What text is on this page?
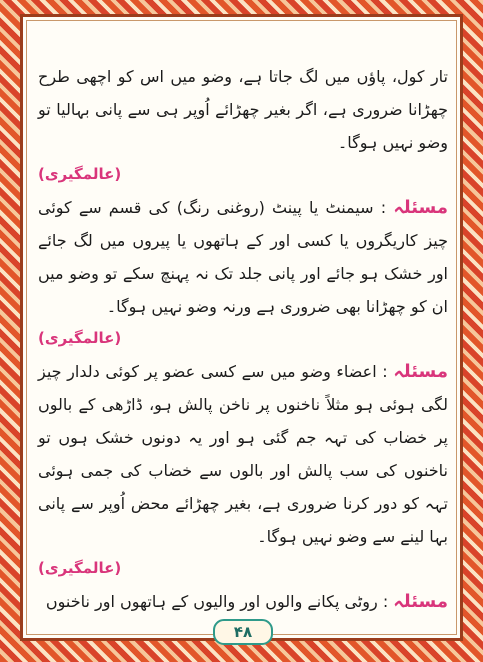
تار کول، پاؤں میں لگ جاتا ہے، وضو میں اس کو اچھی طرح چھڑانا ضروری ہے، اگر بغیر چھڑائے اُوپر ہی سے پانی بہالیا تو وضو نہیں ہوگا۔

(عالمگیری)

مسئلہ : سیمنٹ یا پینٹ (روغنی رنگ) کی قسم سے کوئی چیز کاریگروں یا کسی اور کے ہاتھوں یا پیروں میں لگ جائے اور خشک ہو جائے اور پانی جلد تک نہ پہنچ سکے تو وضو میں ان کو چھڑانا بھی ضروری ہے ورنہ وضو نہیں ہوگا۔

(عالمگیری)

مسئلہ : اعضاء وضو میں سے کسی عضو پر کوئی دلدار چیز لگی ہوئی ہو مثلاً ناخنوں پر ناخن پالش ہو، ڈاڑھی کے بالوں پر خضاب کی تہہ جم گئی ہو اور یہ دونوں خشک ہوں تو ناخنوں کی سب پالش اور بالوں سے خضاب کی جمی ہوئی تہہ کو دور کرنا ضروری ہے، بغیر چھڑائے محض اُوپر سے پانی بہا لینے سے وضو نہیں ہوگا۔

(عالمگیری)

مسئلہ : روٹی پکانے والوں اور والیوں کے ہاتھوں اور ناخنوں

۴۸
